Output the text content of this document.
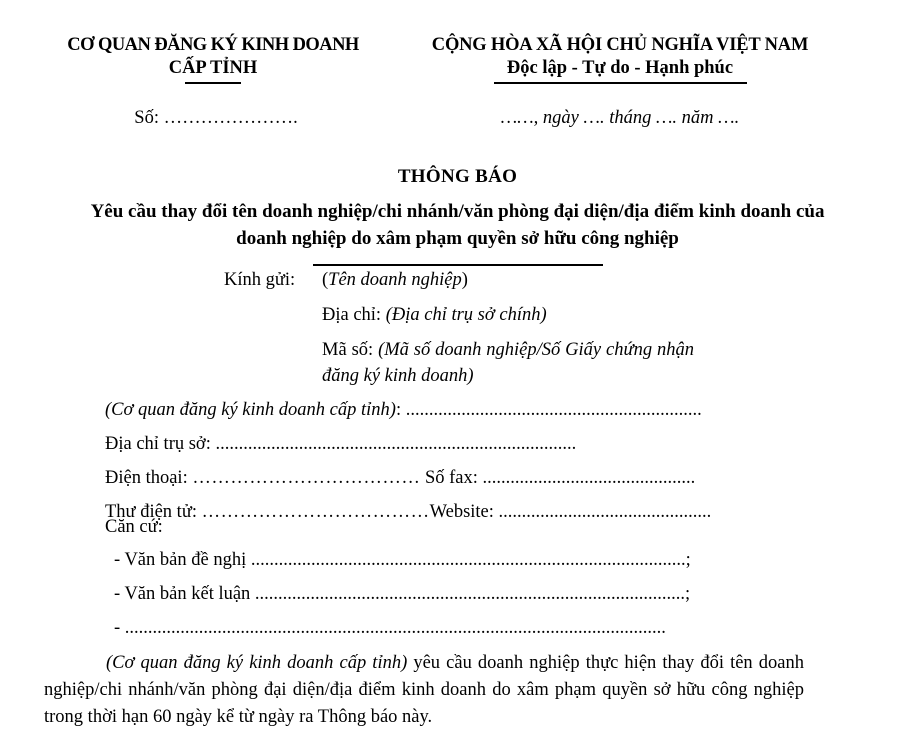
CƠ QUAN ĐĂNG KÝ KINH DOANH
CẤP TỈNH
Số: ………………….
CỘNG HÒA XÃ HỘI CHỦ NGHĨA VIỆT NAM
Độc lập - Tự do - Hạnh phúc
……, ngày …. tháng …. năm ….
THÔNG BÁO
Yêu cầu thay đổi tên doanh nghiệp/chi nhánh/văn phòng đại diện/địa điểm kinh doanh của
doanh nghiệp do xâm phạm quyền sở hữu công nghiệp
Kính gửi: (Tên doanh nghiệp)
Địa chỉ: (Địa chỉ trụ sở chính)
Mã số: (Mã số doanh nghiệp/Số Giấy chứng nhận đăng ký kinh doanh)
(Cơ quan đăng ký kinh doanh cấp tỉnh): ................................................................
Địa chỉ trụ sở: ..............................................................................
Điện thoại: ……………………………… Số fax: ..............................................
Thư điện tử: ………………………………Website: ..............................................
Căn cứ:
- Văn bản đề nghị ..............................................................................................;
- Văn bản kết luận .............................................................................................;
- .....................................................................................................................
(Cơ quan đăng ký kinh doanh cấp tỉnh) yêu cầu doanh nghiệp thực hiện thay đổi tên doanh nghiệp/chi nhánh/văn phòng đại diện/địa điểm kinh doanh do xâm phạm quyền sở hữu công nghiệp trong thời hạn 60 ngày kể từ ngày ra Thông báo này.
